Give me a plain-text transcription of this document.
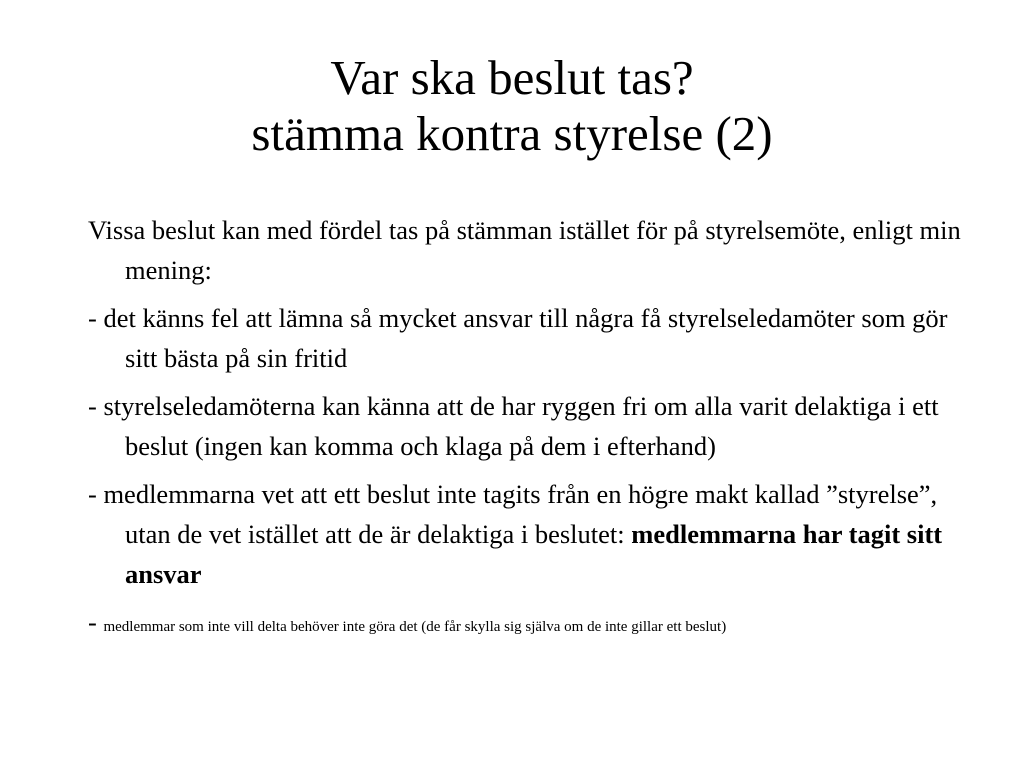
Var ska beslut tas?
stämma kontra styrelse (2)

Vissa beslut kan med fördel tas på stämman istället för på styrelsemöte, enligt min mening:

- det känns fel att lämna så mycket ansvar till några få styrelseledamöter som gör sitt bästa på sin fritid

- styrelseledamöterna kan känna att de har ryggen fri om alla varit delaktiga i ett beslut (ingen kan komma och klaga på dem i efterhand)

- medlemmarna vet att ett beslut inte tagits från en högre makt kallad ”styrelse”, utan de vet istället att de är delaktiga i beslutet: medlemmarna har tagit sitt ansvar

- medlemmar som inte vill delta behöver inte göra det (de får skylla sig själva om de inte gillar ett beslut)
